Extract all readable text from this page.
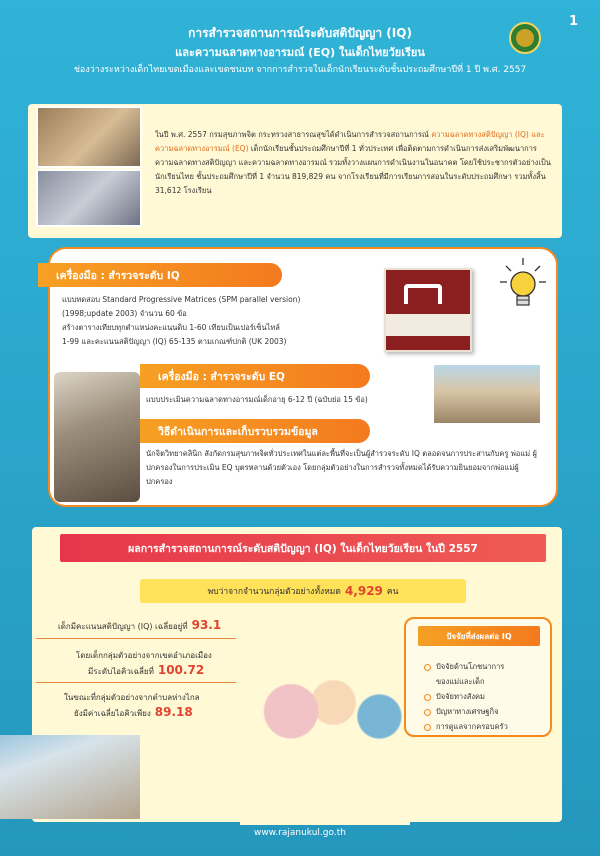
การสำรวจสถานการณ์ระดับสติปัญญา (IQ)
และความฉลาดทางอารมณ์ (EQ) ในเด็กไทยวัยเรียน
ช่องว่างระหว่างเด็กไทยเขตเมืองและเขตชนบท จากการสำรวจในเด็กนักเรียนระดับชั้นประถมศึกษาปีที่ 1 ปี พ.ศ. 2557
1
ในปี พ.ศ. 2557 กรมสุขภาพจิต กระทรวงสาธารณสุขได้ดำเนินการสำรวจสถานการณ์ ความฉลาดทางสติปัญญา (IQ) และความฉลาดทางอารมณ์ (EQ) เด็กนักเรียนชั้นประถมศึกษาปีที่ 1 ทั่วประเทศ เพื่อติดตามการดำเนินการส่งเสริมพัฒนาการ ความฉลาดทางสติปัญญา และความฉลาดทางอารมณ์ รวมทั้งวางแผนการดำเนินงานในอนาคต โดยใช้ประชากรตัวอย่างเป็นนักเรียนไทย ชั้นประถมศึกษาปีที่ 1 จำนวน 819,829 คน จากโรงเรียนที่มีการเรียนการสอนในระดับประถมศึกษา รวมทั้งสิ้น 31,612 โรงเรียน
เครื่องมือ : สำรวจระดับ IQ
แบบทดสอบ Standard Progressive Matrices (SPM parallel version)
(1998;update 2003) จำนวน 60 ข้อ
สร้างตารางเทียบทุกตำแหน่งคะแนนดิบ 1-60 เทียบเป็นเปอร์เซ็นไทล์
1-99 และคะแนนสติปัญญา (IQ) 65-135 ตามเกณฑ์ปกติ (UK 2003)
เครื่องมือ : สำรวจระดับ EQ
แบบประเมินความฉลาดทางอารมณ์เด็กอายุ 6-12 ปี (ฉบับย่อ 15 ข้อ)
วิธีดำเนินการและเก็บรวบรวมข้อมูล
นักจิตวิทยาคลินิก สังกัดกรมสุขภาพจิตทั่วประเทศในแต่ละพื้นที่จะเป็นผู้สำรวจระดับ IQ ตลอดจนการประสานกับครู พ่อแม่ ผู้ปกครองในการประเมิน EQ บุตรหลานด้วยตัวเอง โดยกลุ่มตัวอย่างในการสำรวจทั้งหมดได้รับความยินยอมจากพ่อแม่ผู้ปกครอง
ผลการสำรวจสถานการณ์ระดับสติปัญญา (IQ) ในเด็กไทยวัยเรียน ในปี 2557
พบว่าจากจำนวนกลุ่มตัวอย่างทั้งหมด 4,929 คน
เด็กมีคะแนนสติปัญญา (IQ) เฉลี่ยอยู่ที่ 93.1
โดยเด็กกลุ่มตัวอย่างจากเขตอำเภอเมือง
มีระดับไอคิวเฉลี่ยที่ 100.72
ในขณะที่กลุ่มตัวอย่างจากตำบลห่างไกล
ยังมีค่าเฉลี่ยไอคิวเพียง 89.18
ปัจจัยที่ส่งผลต่อ IQ
ปัจจัยด้านโภชนาการ
ของแม่และเด็ก
ปัจจัยทางสังคม
ปัญหาทางเศรษฐกิจ
การดูแลจากครอบครัว
www.rajanukul.go.th
